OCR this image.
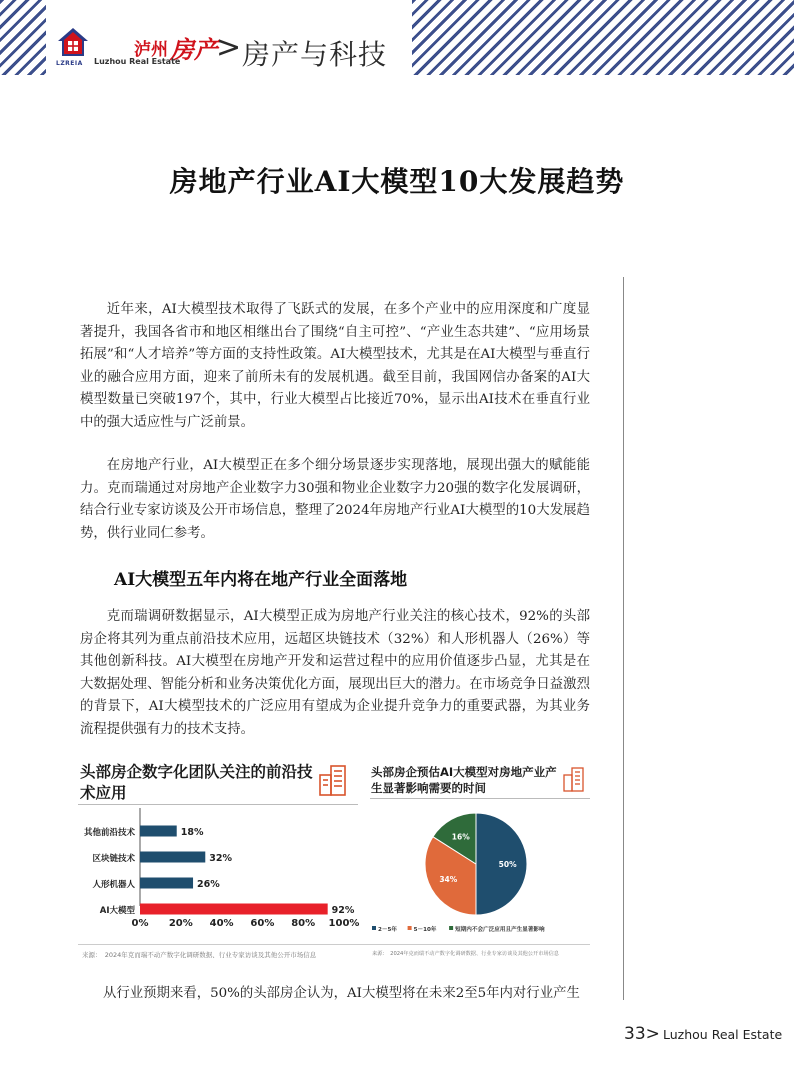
LZREIA
泸州 房产
Luzhou Real Estate > 房产与科技
房地产行业AI大模型10大发展趋势

近年来，AI大模型技术取得了飞跃式的发展，在多个产业中的应用深度和广度显著提升，我国各省市和地区相继出台了围绕“自主可控”、“产业生态共建”、“应用场景拓展”和“人才培养”等方面的支持性政策。AI大模型技术，尤其是在AI大模型与垂直行业的融合应用方面，迎来了前所未有的发展机遇。截至目前，我国网信办备案的AI大模型数量已突破197个，其中，行业大模型占比接近70%，显示出AI技术在垂直行业中的强大适应性与广泛前景。

在房地产行业，AI大模型正在多个细分场景逐步实现落地，展现出强大的赋能能力。克而瑞通过对房地产企业数字力30强和物业企业数字力20强的数字化发展调研，结合行业专家访谈及公开市场信息，整理了2024年房地产行业AI大模型的10大发展趋势，供行业同仁参考。

AI大模型五年内将在地产行业全面落地

克而瑞调研数据显示，AI大模型正成为房地产行业关注的核心技术，92%的头部房企将其列为重点前沿技术应用，远超区块链技术（32%）和人形机器人（26%）等其他创新科技。AI大模型在房地产开发和运营过程中的应用价值逐步凸显，尤其是在大数据处理、智能分析和业务决策优化方面，展现出巨大的潜力。在市场竞争日益激烈的背景下，AI大模型技术的广泛应用有望成为企业提升竞争力的重要武器，为其业务流程提供强有力的技术支持。

头部房企数字化团队关注的前沿技术应用
其他前沿技术	18%
区块链技术	32%
人形机器人	26%
AI大模型	92%
0% 20% 40% 60% 80% 100%
头部房企预估AI大模型对房地产业产生显著影响需要的时间
50%
34%
16%
2－5年	5－10年	短期内不会广泛应用且产生显著影响
来源：　2024年克而瑞不动产数字化调研数据、行业专家访谈及其他公开市场信息	来源：　2024年克而瑞不动产数字化调研数据、行业专家访谈及其他公开市场信息
从行业预期来看，50%的头部房企认为，AI大模型将在未来2至5年内对行业产生
33> Luzhou Real Estate
